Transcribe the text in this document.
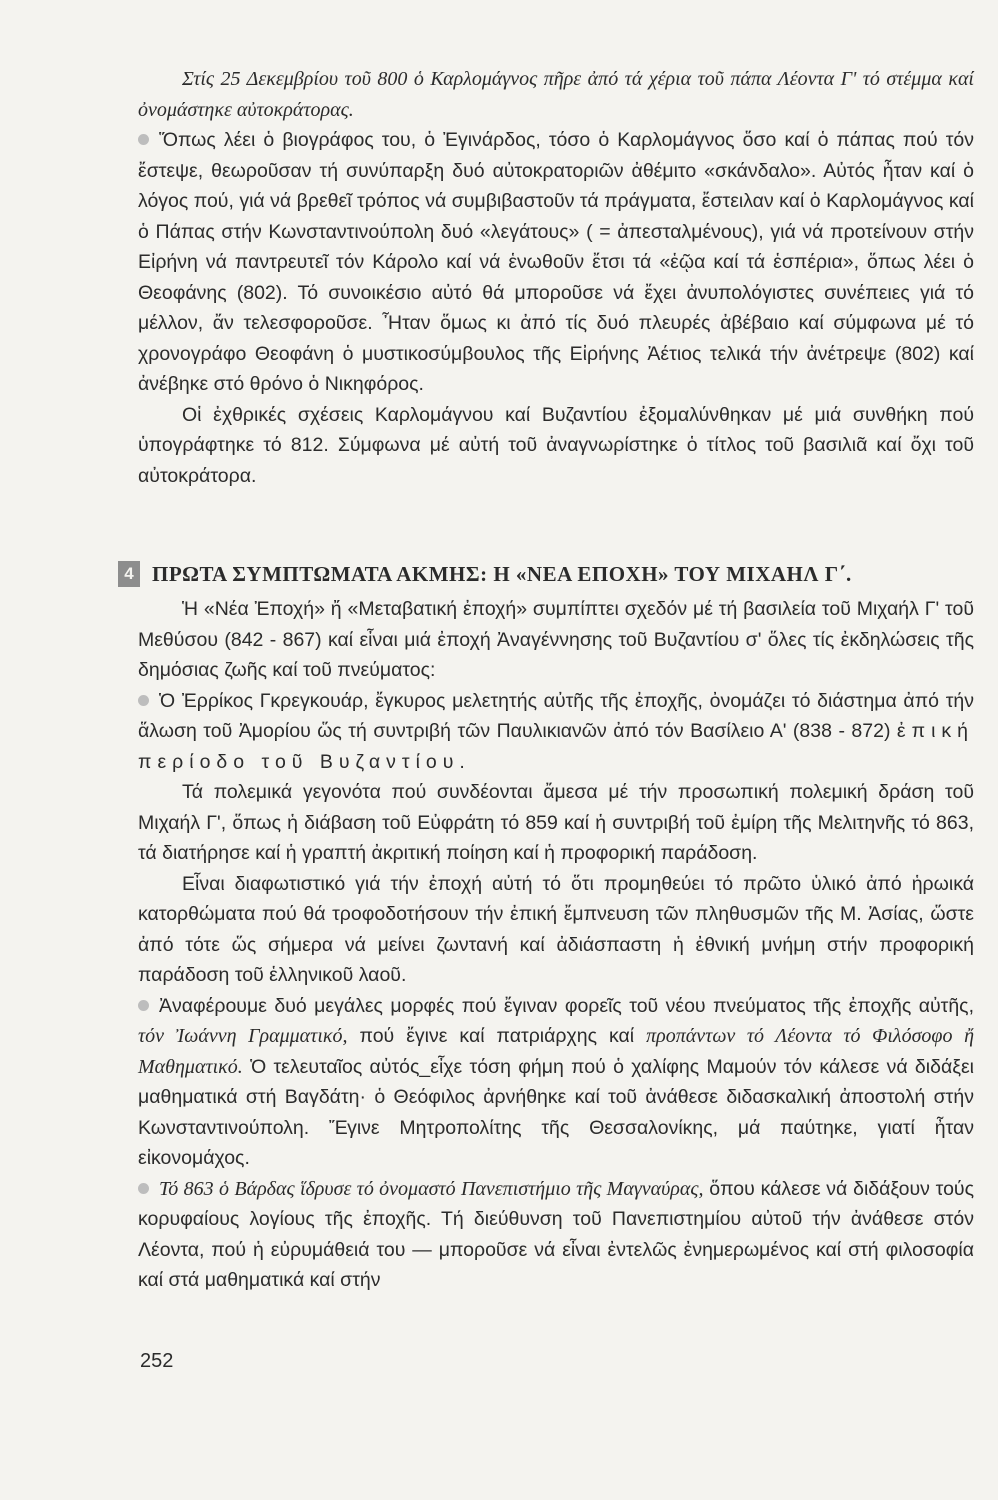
Στίς 25 Δεκεμβρίου τοῦ 800 ὁ Καρλομάγνος πῆρε ἀπό τά χέρια τοῦ πάπα Λέοντα Γ' τό στέμμα καί ὀνομάστηκε αὐτοκράτορας.

Ὅπως λέει ὁ βιογράφος του, ὁ Ἐγινάρδος, τόσο ὁ Καρλομάγνος ὅσο καί ὁ πάπας πού τόν ἔστεψε, θεωροῦσαν τή συνύπαρξη δυό αὐτοκρατοριῶν ἀθέμιτο «σκάνδαλο». Αὐτός ἦταν καί ὁ λόγος πού, γιά νά βρεθεῖ τρόπος νά συμβιβαστοῦν τά πράγματα, ἔστειλαν καί ὁ Καρλομάγνος καί ὁ Πάπας στήν Κωνσταντινούπολη δυό «λεγάτους» ( = ἀπεσταλμένους), γιά νά προτείνουν στήν Εἰρήνη νά παντρευτεῖ τόν Κάρολο καί νά ἑνωθοῦν ἔτσι τά «ἑῷα καί τά ἑσπέρια», ὅπως λέει ὁ Θεοφάνης (802). Τό συνοικέσιο αὐτό θά μποροῦσε νά ἔχει ἀνυπολόγιστες συνέπειες γιά τό μέλλον, ἄν τελεσφοροῦσε. Ἦταν ὅμως κι ἀπό τίς δυό πλευρές ἀβέβαιο καί σύμφωνα μέ τό χρονογράφο Θεοφάνη ὁ μυστικοσύμβουλος τῆς Εἰρήνης Ἀέτιος τελικά τήν ἀνέτρεψε (802) καί ἀνέβηκε στό θρόνο ὁ Νικηφόρος.

Οἱ ἐχθρικές σχέσεις Καρλομάγνου καί Βυζαντίου ἐξομαλύνθηκαν μέ μιά συνθήκη πού ὑπογράφτηκε τό 812. Σύμφωνα μέ αὐτή τοῦ ἀναγνωρίστηκε ὁ τίτλος τοῦ βασιλιᾶ καί ὄχι τοῦ αὐτοκράτορα.

4 ΠΡΩΤΑ ΣΥΜΠΤΩΜΑΤΑ ΑΚΜΗΣ: Η «ΝΕΑ ΕΠΟΧΗ» ΤΟΥ ΜΙΧΑΗΛ Γ΄.

Ἡ «Νέα Ἐποχή» ἤ «Μεταβατική ἐποχή» συμπίπτει σχεδόν μέ τή βασιλεία τοῦ Μιχαήλ Γ' τοῦ Μεθύσου (842 - 867) καί εἶναι μιά ἐποχή Ἀναγέννησης τοῦ Βυζαντίου σ' ὅλες τίς ἐκδηλώσεις τῆς δημόσιας ζωῆς καί τοῦ πνεύματος:

Ὁ Ἐρρίκος Γκρεγκουάρ, ἔγκυρος μελετητής αὐτῆς τῆς ἐποχῆς, ὀνομάζει τό διάστημα ἀπό τήν ἅλωση τοῦ Ἀμορίου ὥς τή συντριβή τῶν Παυλικιανῶν ἀπό τόν Βασίλειο Α' (838 - 872) ἐπική περίοδο τοῦ Βυζαντίου.

Τά πολεμικά γεγονότα πού συνδέονται ἄμεσα μέ τήν προσωπική πολεμική δράση τοῦ Μιχαήλ Γ', ὅπως ἡ διάβαση τοῦ Εὐφράτη τό 859 καί ἡ συντριβή τοῦ ἐμίρη τῆς Μελιτηνῆς τό 863, τά διατήρησε καί ἡ γραπτή ἀκριτική ποίηση καί ἡ προφορική παράδοση.

Εἶναι διαφωτιστικό γιά τήν ἐποχή αὐτή τό ὅτι προμηθεύει τό πρῶτο ὑλικό ἀπό ἡρωικά κατορθώματα πού θά τροφοδοτήσουν τήν ἐπική ἔμπνευση τῶν πληθυσμῶν τῆς Μ. Ἀσίας, ὥστε ἀπό τότε ὥς σήμερα νά μείνει ζωντανή καί ἀδιάσπαστη ἡ ἐθνική μνήμη στήν προφορική παράδοση τοῦ ἑλληνικοῦ λαοῦ.

Ἀναφέρουμε δυό μεγάλες μορφές πού ἔγιναν φορεῖς τοῦ νέου πνεύματος τῆς ἐποχῆς αὐτῆς, τόν Ἰωάννη Γραμματικό, πού ἔγινε καί πατριάρχης καί προπάντων τό Λέοντα τό Φιλόσοφο ἤ Μαθηματικό. Ὁ τελευταῖος αὐτός_εἶχε τόση φήμη πού ὁ χαλίφης Μαμούν τόν κάλεσε νά διδάξει μαθηματικά στή Βαγδάτη· ὁ Θεόφιλος ἀρνήθηκε καί τοῦ ἀνάθεσε διδασκαλική ἀποστολή στήν Κωνσταντινούπολη. Ἔγινε Μητροπολίτης τῆς Θεσσαλονίκης, μά παύτηκε, γιατί ἦταν εἰκονομάχος.

Τό 863 ὁ Βάρδας ἵδρυσε τό ὀνομαστό Πανεπιστήμιο τῆς Μαγναύρας, ὅπου κάλεσε νά διδάξουν τούς κορυφαίους λογίους τῆς ἐποχῆς. Τή διεύθυνση τοῦ Πανεπιστημίου αὐτοῦ τήν ἀνάθεσε στόν Λέοντα, πού ἡ εὐρυμάθειά του — μποροῦσε νά εἶναι ἐντελῶς ἐνημερωμένος καί στή φιλοσοφία καί στά μαθηματικά καί στήν

252
